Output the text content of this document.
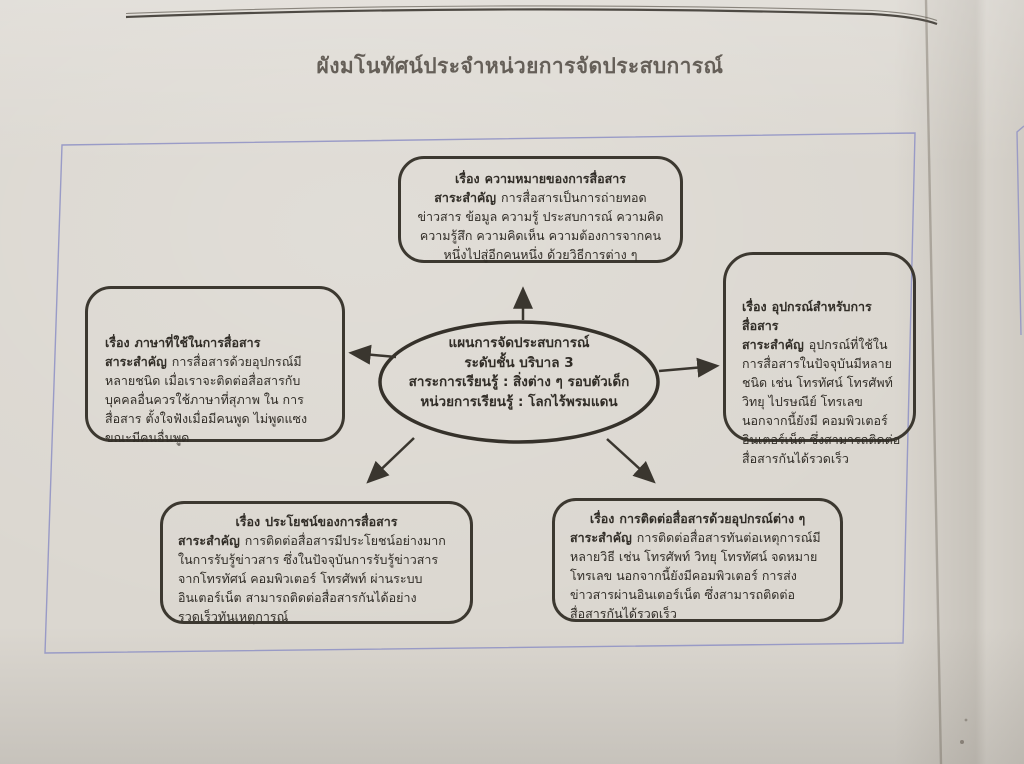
ผังมโนทัศน์ประจำหน่วยการจัดประสบการณ์
เรื่อง ความหมายของการสื่อสาร
สาระสำคัญ การสื่อสารเป็นการถ่ายทอดข่าวสาร ข้อมูล ความรู้ ประสบการณ์ ความคิด ความรู้สึก ความคิดเห็น ความต้องการจากคนหนึ่งไปสู่อีกคนหนึ่ง ด้วยวิธีการต่าง ๆ
เรื่อง ภาษาที่ใช้ในการสื่อสาร
สาระสำคัญ การสื่อสารด้วยอุปกรณ์มีหลายชนิด เมื่อเราจะติดต่อสื่อสารกับบุคคลอื่นควรใช้ภาษาที่สุภาพ ใน การสื่อสาร ตั้งใจฟังเมื่อมีคนพูด ไม่พูดแซงขณะมีคนอื่นพูด
เรื่อง อุปกรณ์สำหรับการสื่อสาร
สาระสำคัญ อุปกรณ์ที่ใช้ในการสื่อสารในปัจจุบันมีหลายชนิด เช่น โทรทัศน์ โทรศัพท์ วิทยุ ไปรษณีย์ โทรเลข นอกจากนี้ยังมี คอมพิวเตอร์ อินเตอร์เน็ต ซึ่งสามารถติดต่อสื่อสารกันได้รวดเร็ว
เรื่อง ประโยชน์ของการสื่อสาร
สาระสำคัญ การติดต่อสื่อสารมีประโยชน์อย่างมากในการรับรู้ข่าวสาร ซึ่งในปัจจุบันการรับรู้ข่าวสารจากโทรทัศน์ คอมพิวเตอร์ โทรศัพท์ ผ่านระบบอินเตอร์เน็ต สามารถติดต่อสื่อสารกันได้อย่างรวดเร็วทันเหตุการณ์
เรื่อง การติดต่อสื่อสารด้วยอุปกรณ์ต่าง ๆ
สาระสำคัญ การติดต่อสื่อสารทันต่อเหตุการณ์มีหลายวิธี เช่น โทรศัพท์ วิทยุ โทรทัศน์ จดหมาย โทรเลข นอกจากนี้ยังมีคอมพิวเตอร์ การส่งข่าวสารผ่านอินเตอร์เน็ต ซึ่งสามารถติดต่อสื่อสารกันได้รวดเร็ว
แผนการจัดประสบการณ์
ระดับชั้น บริบาล 3
สาระการเรียนรู้ : สิ่งต่าง ๆ รอบตัวเด็ก
หน่วยการเรียนรู้ : โลกไร้พรมแดน
